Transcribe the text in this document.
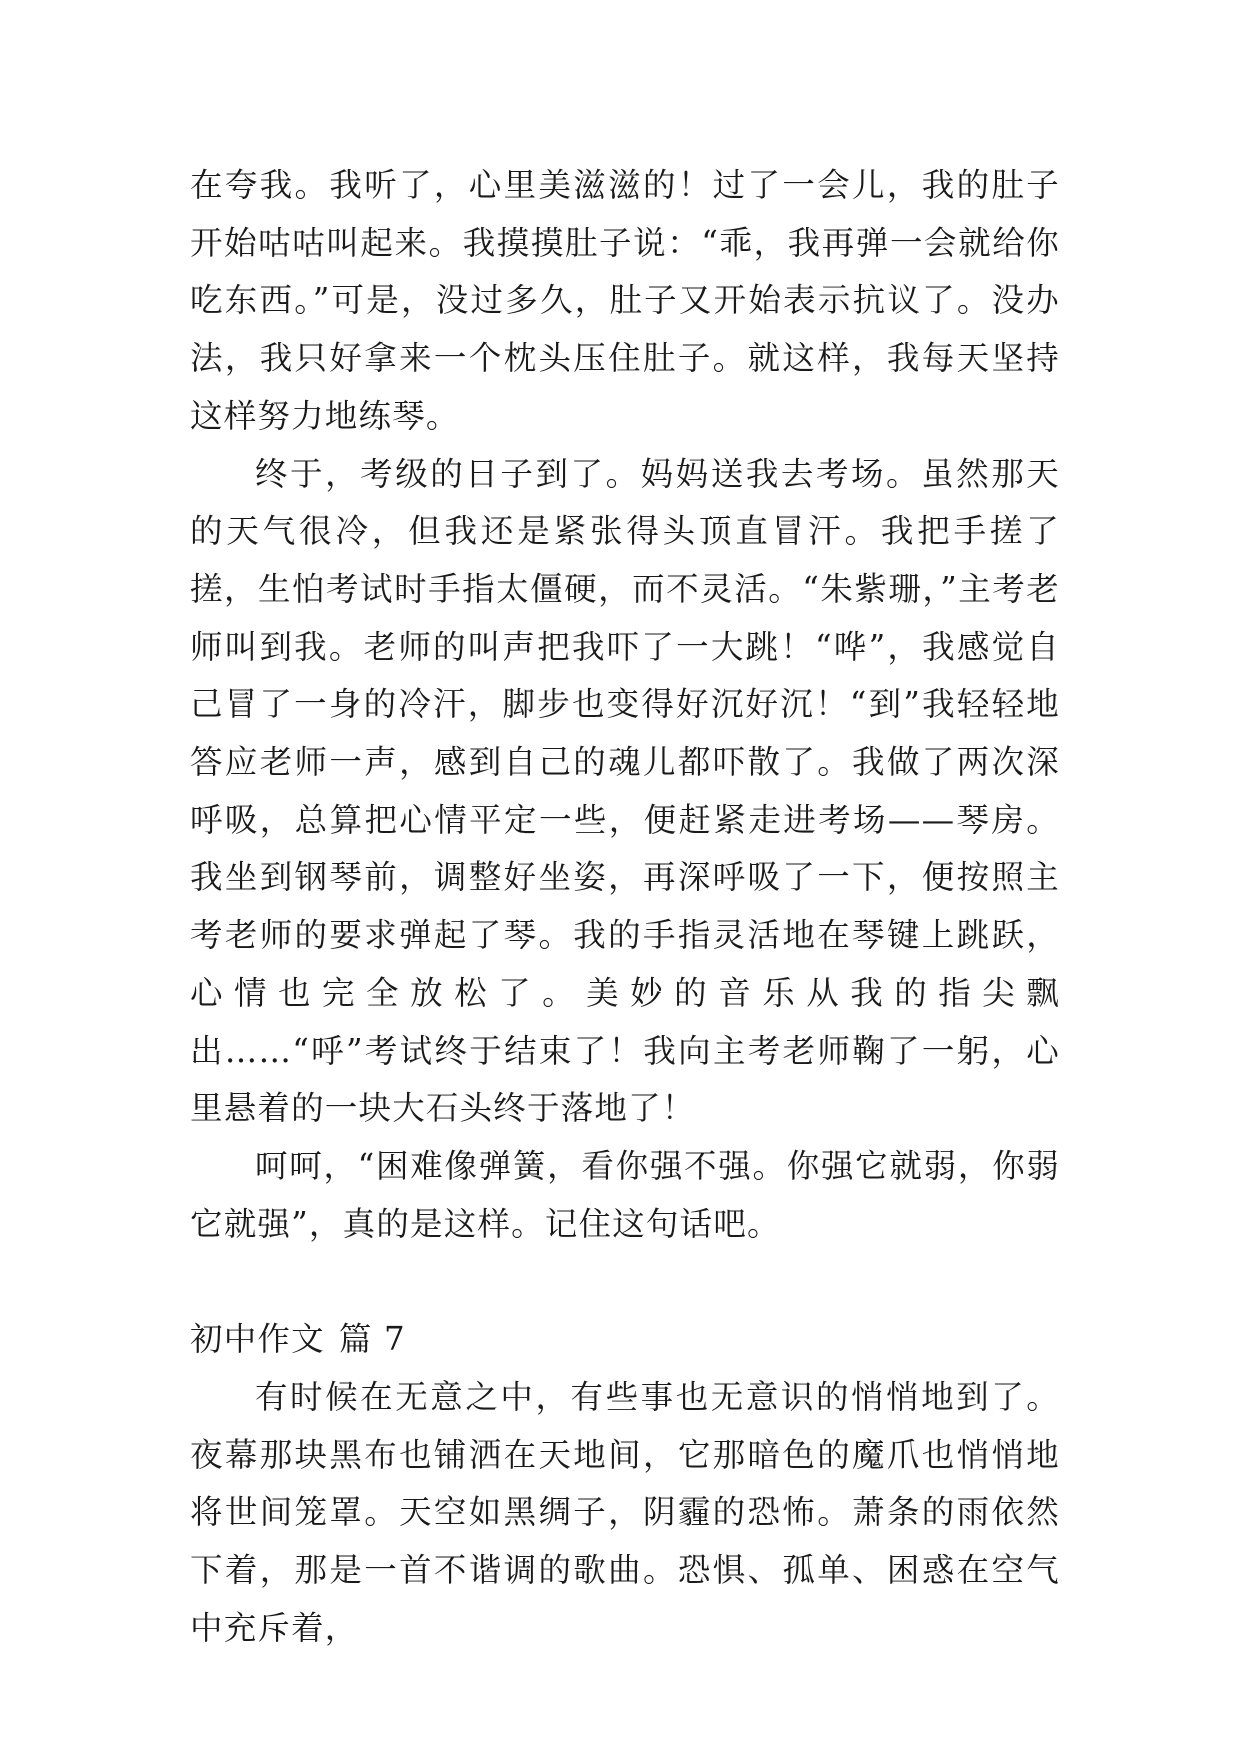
在夸我。我听了，心里美滋滋的！过了一会儿，我的肚子开始咕咕叫起来。我摸摸肚子说：“乖，我再弹一会就给你吃东西。”可是，没过多久，肚子又开始表示抗议了。没办法，我只好拿来一个枕头压住肚子。就这样，我每天坚持这样努力地练琴。

终于，考级的日子到了。妈妈送我去考场。虽然那天的天气很冷，但我还是紧张得头顶直冒汗。我把手搓了搓，生怕考试时手指太僵硬，而不灵活。“朱紫珊，”主考老师叫到我。老师的叫声把我吓了一大跳！“哗”，我感觉自己冒了一身的冷汗，脚步也变得好沉好沉！“到”我轻轻地答应老师一声，感到自己的魂儿都吓散了。我做了两次深呼吸，总算把心情平定一些，便赶紧走进考场——琴房。我坐到钢琴前，调整好坐姿，再深呼吸了一下，便按照主考老师的要求弹起了琴。我的手指灵活地在琴键上跳跃，心情也完全放松了。美妙的音乐从我的指尖飘出……“呼”考试终于结束了！我向主考老师鞠了一躬，心里悬着的一块大石头终于落地了！

呵呵，“困难像弹簧，看你强不强。你强它就弱，你弱它就强”，真的是这样。记住这句话吧。

初中作文 篇 7

有时候在无意之中，有些事也无意识的悄悄地到了。夜幕那块黑布也铺洒在天地间，它那暗色的魔爪也悄悄地将世间笼罩。天空如黑绸子，阴霾的恐怖。萧条的雨依然下着，那是一首不谐调的歌曲。恐惧、孤单、困惑在空气中充斥着，
